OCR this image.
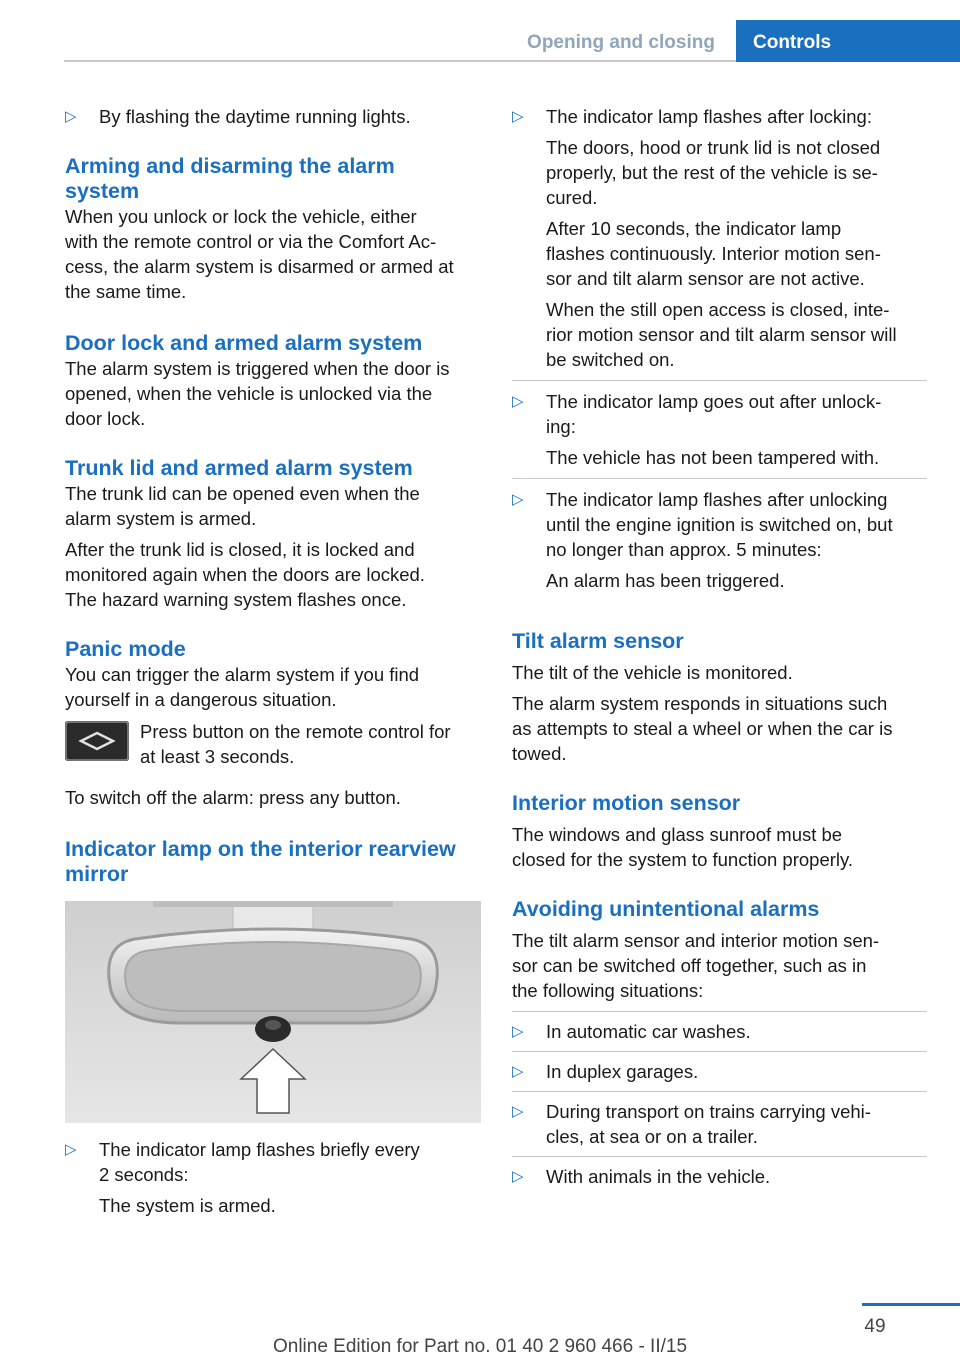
Opening and closing	Controls
▷ By flashing the daytime running lights.
Arming and disarming the alarm
system
When you unlock or lock the vehicle, either
with the remote control or via the Comfort Ac-
cess, the alarm system is disarmed or armed at
the same time.
Door lock and armed alarm system
The alarm system is triggered when the door is
opened, when the vehicle is unlocked via the
door lock.
Trunk lid and armed alarm system
The trunk lid can be opened even when the
alarm system is armed.
After the trunk lid is closed, it is locked and
monitored again when the doors are locked.
The hazard warning system flashes once.
Panic mode
You can trigger the alarm system if you find
yourself in a dangerous situation.
Press button on the remote control for
at least 3 seconds.
To switch off the alarm: press any button.
Indicator lamp on the interior rearview
mirror
▷ The indicator lamp flashes briefly every
2 seconds:
The system is armed.
▷ The indicator lamp flashes after locking:
The doors, hood or trunk lid is not closed
properly, but the rest of the vehicle is se-
cured.
After 10 seconds, the indicator lamp
flashes continuously. Interior motion sen-
sor and tilt alarm sensor are not active.
When the still open access is closed, inte-
rior motion sensor and tilt alarm sensor will
be switched on.
▷ The indicator lamp goes out after unlock-
ing:
The vehicle has not been tampered with.
▷ The indicator lamp flashes after unlocking
until the engine ignition is switched on, but
no longer than approx. 5 minutes:
An alarm has been triggered.
Tilt alarm sensor
The tilt of the vehicle is monitored.
The alarm system responds in situations such
as attempts to steal a wheel or when the car is
towed.
Interior motion sensor
The windows and glass sunroof must be
closed for the system to function properly.
Avoiding unintentional alarms
The tilt alarm sensor and interior motion sen-
sor can be switched off together, such as in
the following situations:
▷ In automatic car washes.
▷ In duplex garages.
▷ During transport on trains carrying vehi-
cles, at sea or on a trailer.
▷ With animals in the vehicle.
49
Online Edition for Part no. 01 40 2 960 466 - II/15
